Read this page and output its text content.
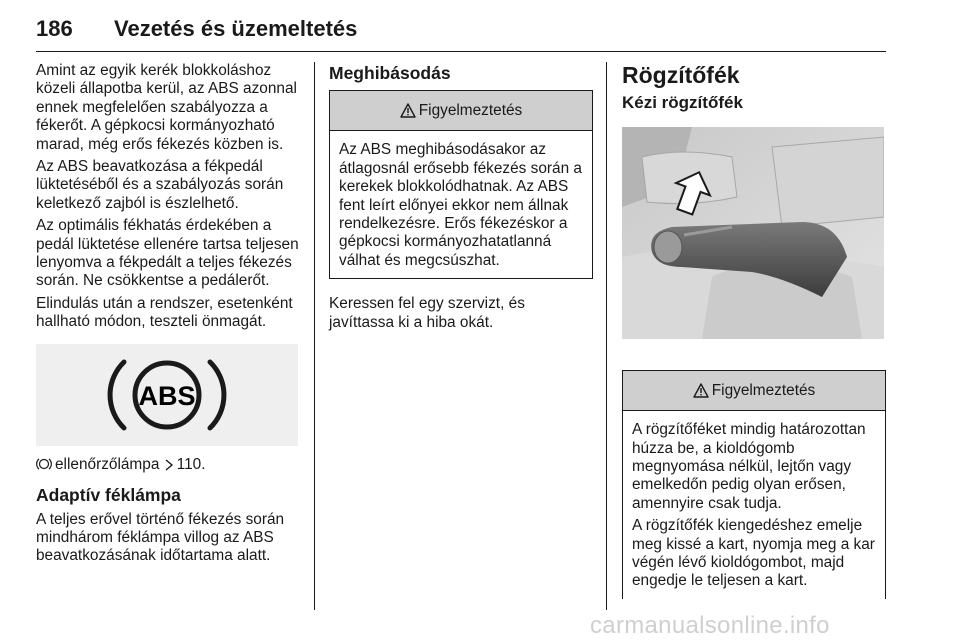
186 Vezetés és üzemeltetés

Amint az egyik kerék blokkoláshoz közeli állapotba kerül, az ABS azonnal ennek megfelelően szabályozza a fékerőt. A gépkocsi kormányozható marad, még erős fékezés közben is.

Az ABS beavatkozása a fékpedál lüktetéséből és a szabályozás során keletkező zajból is észlelhető.

Az optimális fékhatás érdekében a pedál lüktetése ellenére tartsa teljesen lenyomva a fékpedált a teljes fékezés során. Ne csökkentse a pedálerőt.

Elindulás után a rendszer, esetenként hallható módon, teszteli önmagát.

ABS

ellenőrzőlámpa 110.

Adaptív féklámpa

A teljes erővel történő fékezés során mindhárom féklámpa villog az ABS beavatkozásának időtartama alatt.

Meghibásodás
Figyelmeztetés

Az ABS meghibásodásakor az átlagosnál erősebb fékezés során a kerekek blokkolódhatnak. Az ABS fent leírt előnyei ekkor nem állnak rendelkezésre. Erős fékezéskor a gépkocsi kormányozhatatlanná válhat és megcsúszhat.

Keressen fel egy szervizt, és javíttassa ki a hiba okát.

Rögzítőfék
Kézi rögzítőfék
Figyelmeztetés

A rögzítőféket mindig határozottan húzza be, a kioldógomb megnyomása nélkül, lejtőn vagy emelkedőn pedig olyan erősen, amennyire csak tudja.

A rögzítőfék kiengedéshez emelje meg kissé a kart, nyomja meg a kar végén lévő kioldógombot, majd engedje le teljesen a kart.

carmanualsonline.info
